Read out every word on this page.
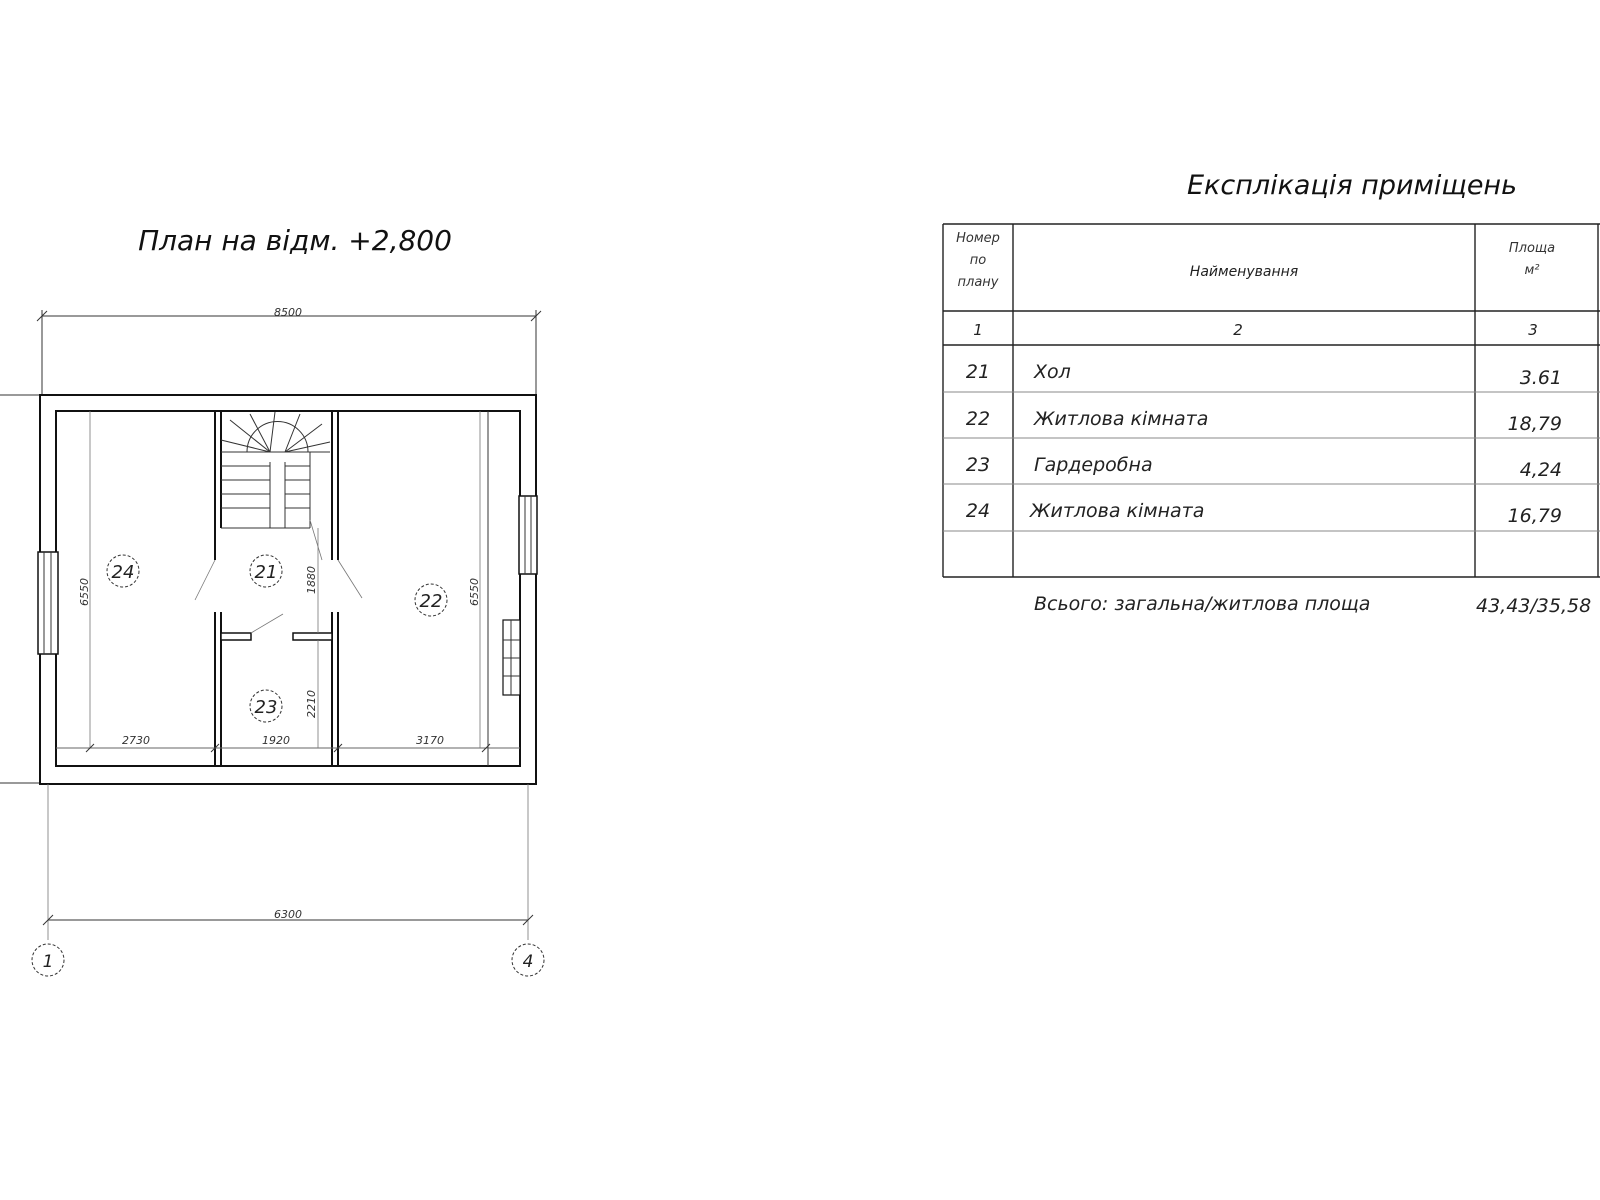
План на відм. +2,800
8500
24	21
22
23
6550	6550
1880
2210
2730	1920	3170
6300
1	4
Експлікація приміщень
Номер по плану
Найменування
Площа м²
1	2	3
21 Хол	3.61
22 Житлова кімната	18,79
23 Гардеробна	4,24
24 Житлова кімната	16,79
Всього: загальна/житлова площа	43,43/35,58
